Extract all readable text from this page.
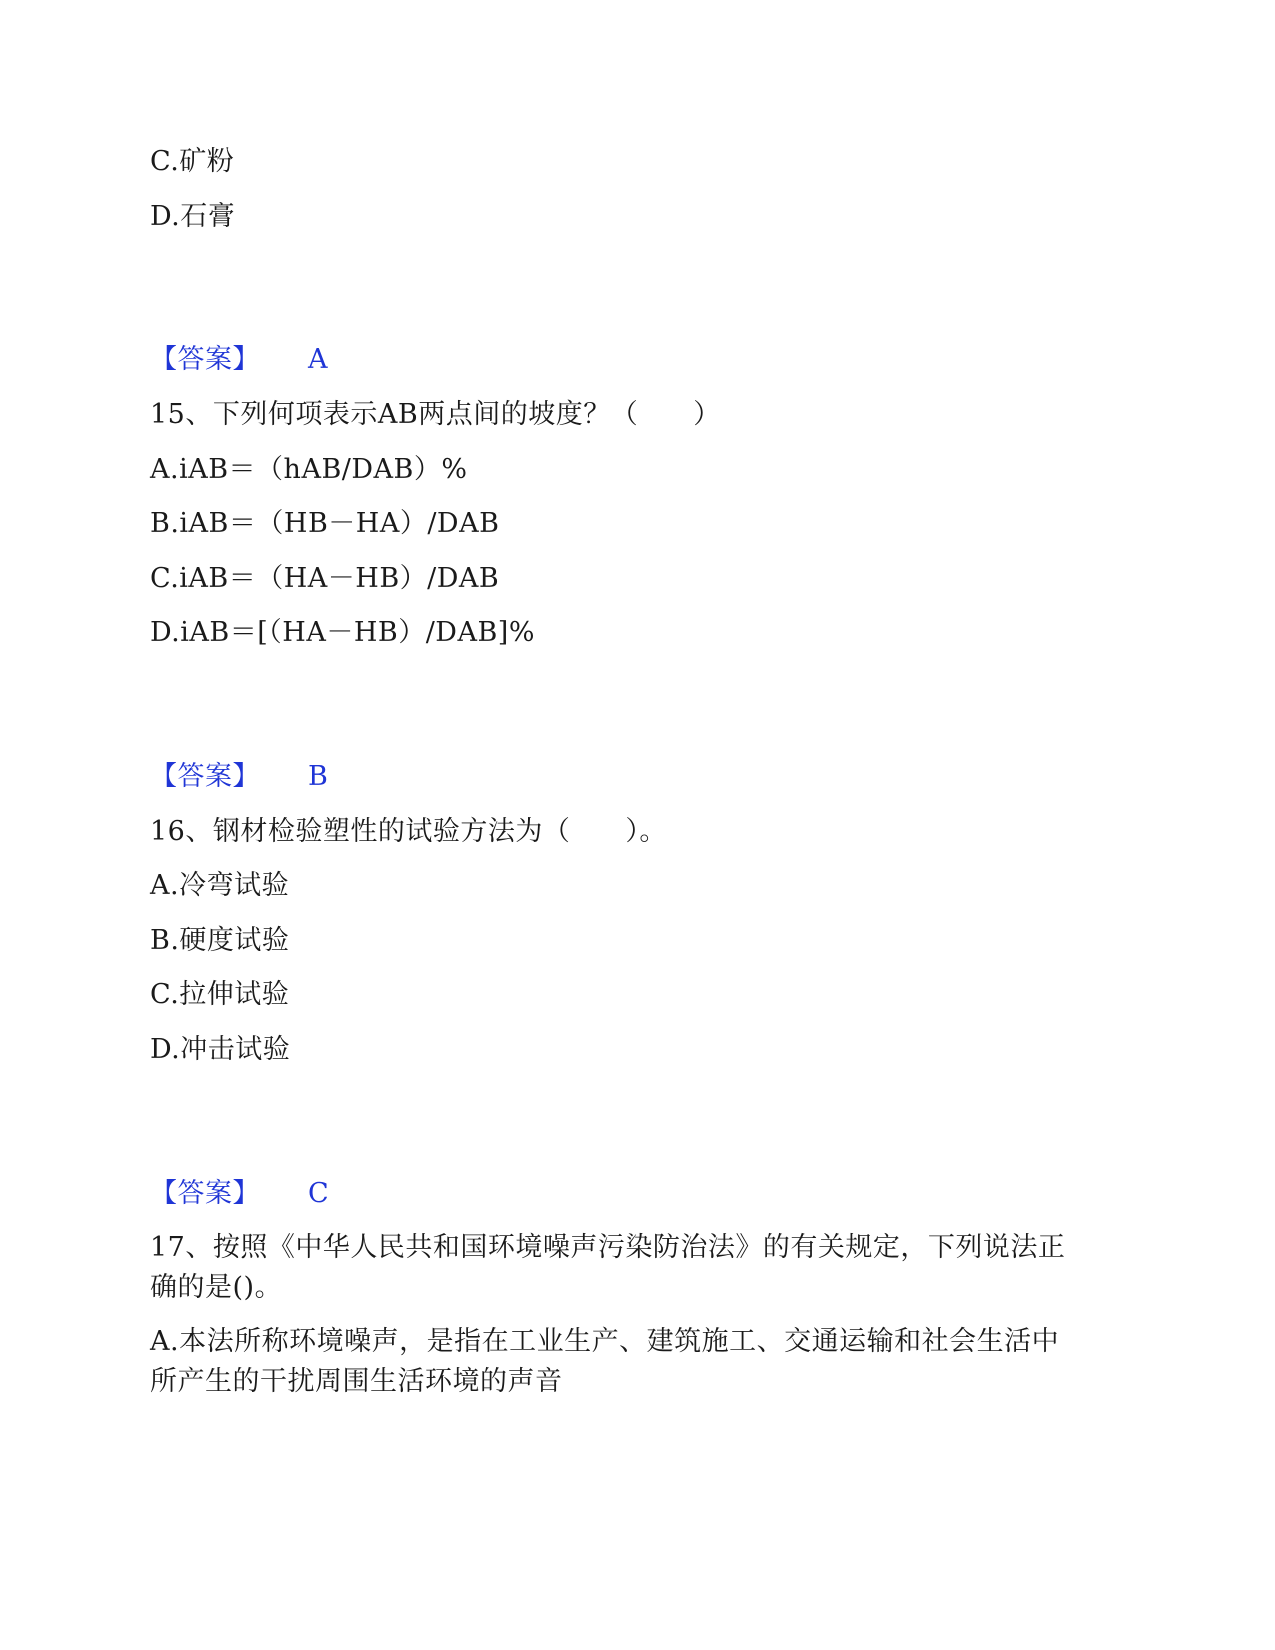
C.矿粉
D.石膏
【答案】 A
15、下列何项表示AB两点间的坡度？（　　）
A.iAB＝（hAB/DAB）%
B.iAB＝（HB－HA）/DAB
C.iAB＝（HA－HB）/DAB
D.iAB＝[（HA－HB）/DAB]%
【答案】 B
16、钢材检验塑性的试验方法为（　　）。
A.冷弯试验
B.硬度试验
C.拉伸试验
D.冲击试验
【答案】 C
17、按照《中华人民共和国环境噪声污染防治法》的有关规定，下列说法正
确的是()。
A.本法所称环境噪声，是指在工业生产、建筑施工、交通运输和社会生活中
所产生的干扰周围生活环境的声音
